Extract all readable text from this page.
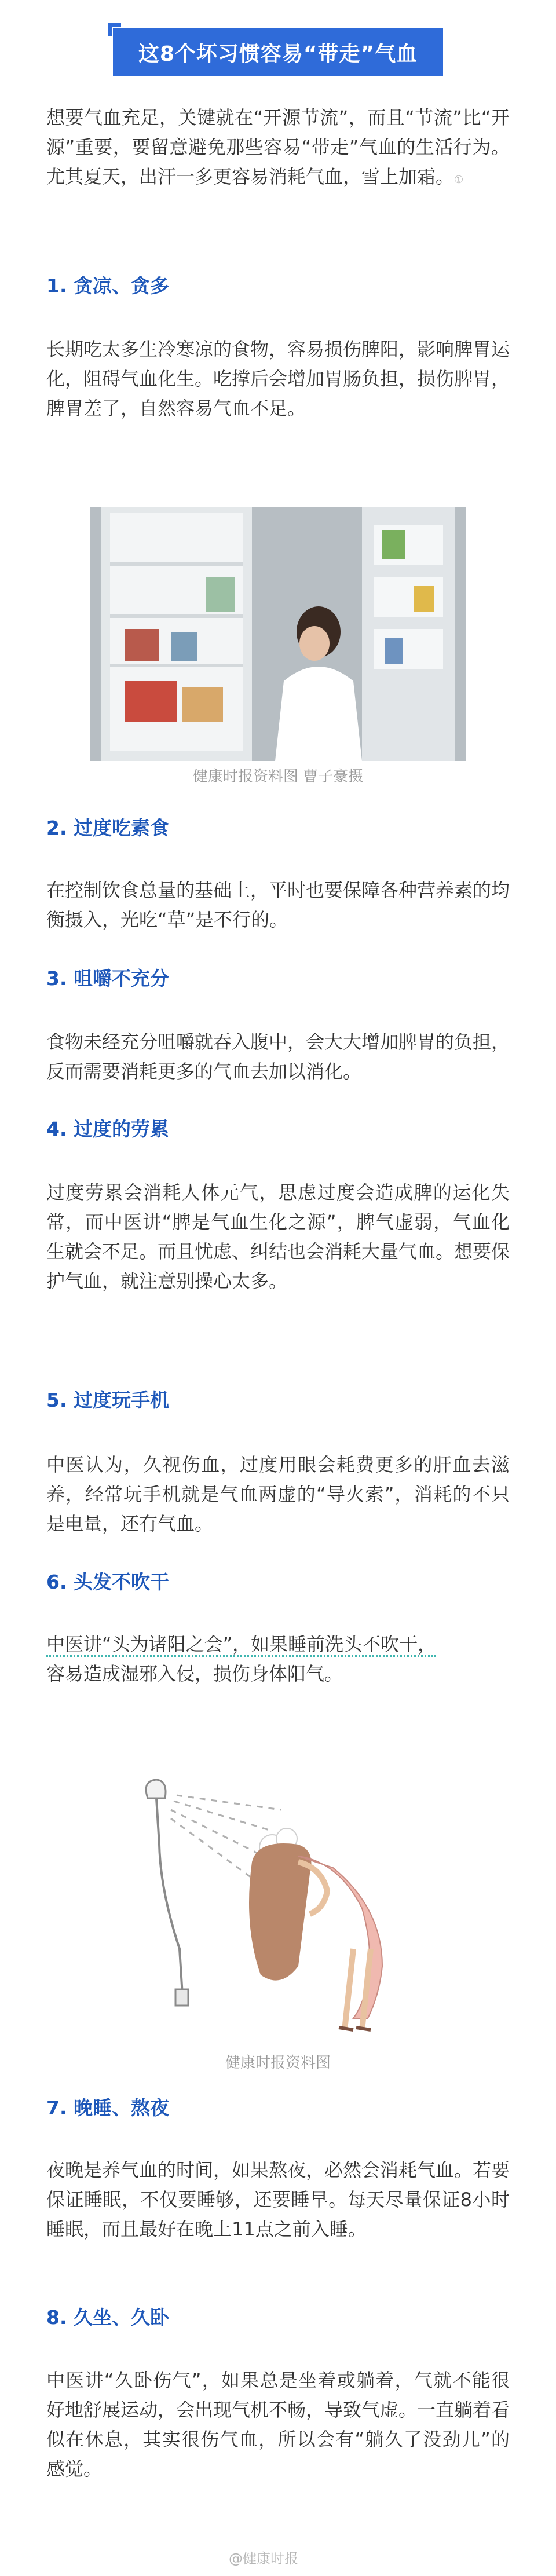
这8个坏习惯容易“带走”气血

想要气血充足，关键就在“开源节流”，而且“节流”比“开源”重要，要留意避免那些容易“带走”气血的生活行为。尤其夏天，出汗一多更容易消耗气血，雪上加霜。①

1. 贪凉、贪多

长期吃太多生冷寒凉的食物，容易损伤脾阳，影响脾胃运化，阻碍气血化生。吃撑后会增加胃肠负担，损伤脾胃，脾胃差了，自然容易气血不足。

健康时报资料图 曹子豪摄
2. 过度吃素食

在控制饮食总量的基础上，平时也要保障各种营养素的均衡摄入，光吃“草”是不行的。

3. 咀嚼不充分

食物未经充分咀嚼就吞入腹中，会大大增加脾胃的负担，反而需要消耗更多的气血去加以消化。

4. 过度的劳累

过度劳累会消耗人体元气，思虑过度会造成脾的运化失常，而中医讲“脾是气血生化之源”，脾气虚弱，气血化生就会不足。而且忧虑、纠结也会消耗大量气血。想要保护气血，就注意别操心太多。

5. 过度玩手机

中医认为，久视伤血，过度用眼会耗费更多的肝血去滋养，经常玩手机就是气血两虚的“导火索”，消耗的不只是电量，还有气血。

6. 头发不吹干

中医讲“头为诸阳之会”，如果睡前洗头不吹干，
容易造成湿邪入侵，损伤身体阳气。

健康时报资料图
7. 晚睡、熬夜

夜晚是养气血的时间，如果熬夜，必然会消耗气血。若要保证睡眠，不仅要睡够，还要睡早。每天尽量保证8小时睡眠，而且最好在晚上11点之前入睡。

8. 久坐、久卧

中医讲“久卧伤气”，如果总是坐着或躺着，气就不能很好地舒展运动，会出现气机不畅，导致气虚。一直躺着看似在休息，其实很伤气血，所以会有“躺久了没劲儿”的感觉。

@健康时报
